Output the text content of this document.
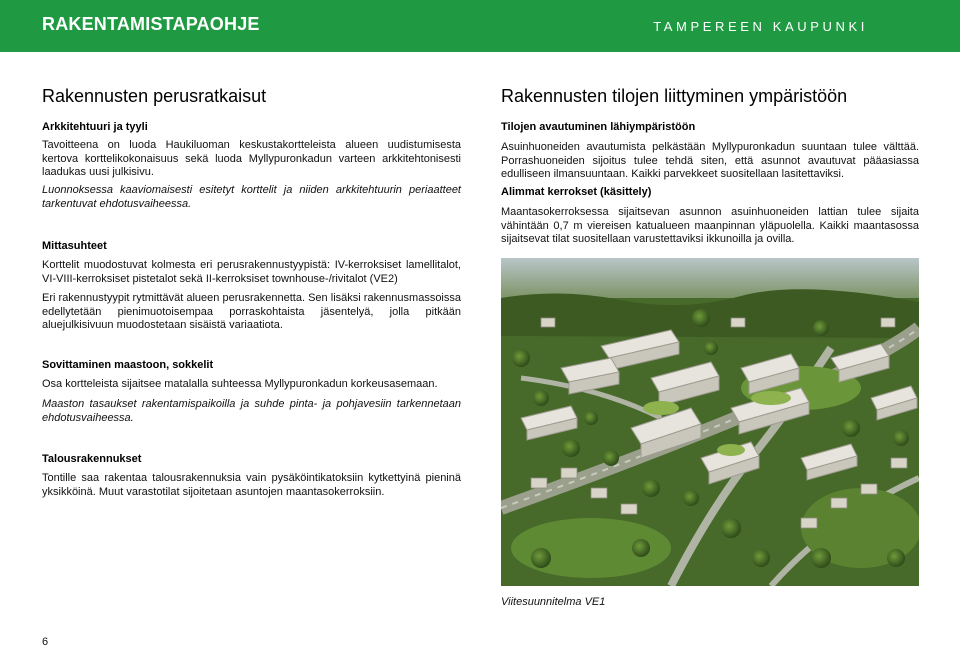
RAKENTAMISTAPAOHJE	TAMPEREEN KAUPUNKI
Rakennusten perusratkaisut
Arkkitehtuuri ja tyyli

Tavoitteena on luoda Haukiluoman keskustakortteleista alueen uudistumisesta kertova korttelikokonaisuus sekä luoda Myllypuronkadun varteen arkkitehtonisesti laadukas uusi julkisivu.

Luonnoksessa kaaviomaisesti esitetyt korttelit ja niiden arkkitehtuurin periaatteet tarkentuvat ehdotusvaiheessa.

Mittasuhteet

Korttelit muodostuvat kolmesta eri perusrakennustyypistä: IV-kerroksiset lamellitalot, VI-VIII-kerroksiset pistetalot sekä II-kerroksiset townhouse-/rivitalot (VE2)

Eri rakennustyypit rytmittävät alueen perusrakennetta. Sen lisäksi rakennusmassoissa edellytetään pienimuotoisempaa porraskohtaista jäsentelyä, jolla pitkään aluejulkisivuun muodostetaan sisäistä variaatiota.

Sovittaminen maastoon, sokkelit

Osa kortteleista sijaitsee matalalla suhteessa Myllypuronkadun korkeusasemaan.

Maaston tasaukset rakentamispaikoilla ja suhde pinta- ja pohjavesiin tarkennetaan ehdotusvaiheessa.

Talousrakennukset

Tontille saa rakentaa talousrakennuksia vain pysäköintikatoksiin kytkettyinä pieninä yksikköinä. Muut varastotilat sijoitetaan asuntojen maantasokerroksiin.

Rakennusten tilojen liittyminen ympäristöön
Tilojen avautuminen lähiympäristöön

Asuinhuoneiden avautumista pelkästään Myllypuronkadun suuntaan tulee välttää. Porrashuoneiden sijoitus tulee tehdä siten, että asunnot avautuvat pääasiassa edulliseen ilmansuuntaan. Kaikki parvekkeet suositellaan lasitettaviksi.

Alimmat kerrokset (käsittely)

Maantasokerroksessa sijaitsevan asunnon asuinhuoneiden lattian tulee sijaita vähintään 0,7 m viereisen katualueen maanpinnan yläpuolella. Kaikki maantasossa sijaitsevat tilat suositellaan varustettaviksi ikkunoilla ja ovilla.

Viitesuunnitelma VE1
6
